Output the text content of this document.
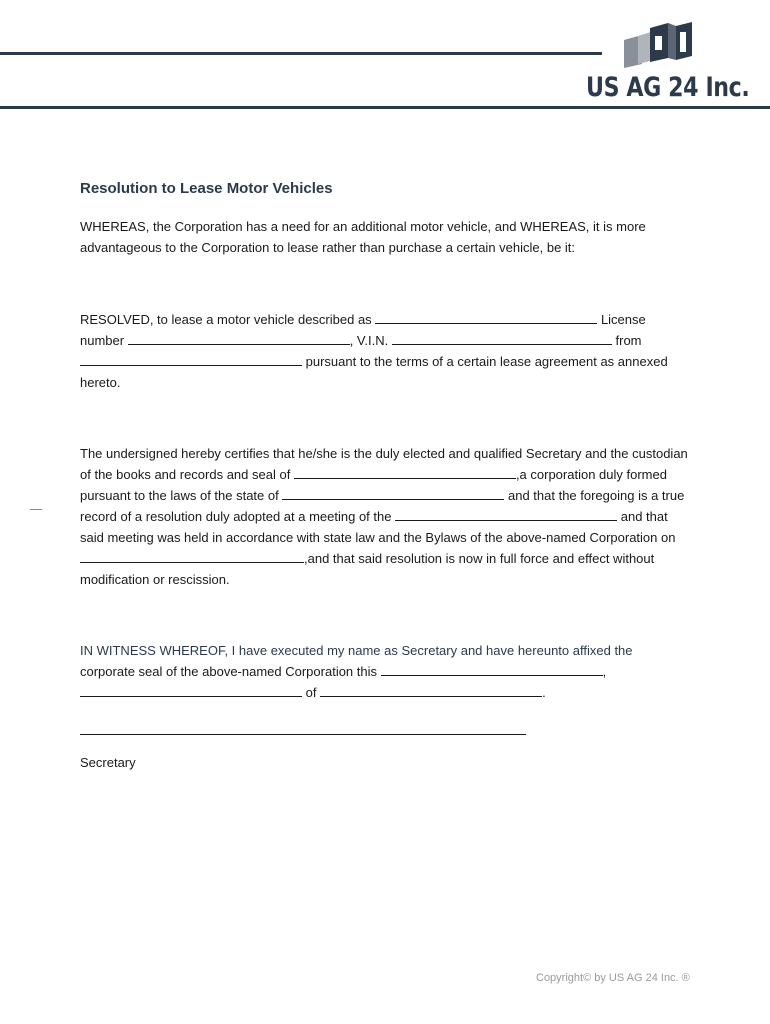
US AG 24 Inc.
Resolution to Lease Motor Vehicles
WHEREAS, the Corporation has a need for an additional motor vehicle, and WHEREAS, it is more
advantageous to the Corporation to lease rather than purchase a certain vehicle, be it:
RESOLVED, to lease a motor vehicle described as	License
number	, V.I.N.	from
pursuant to the terms of a certain lease agreement as annexed
hereto.
The undersigned hereby certifies that he/she is the duly elected and qualified Secretary and the custodian
of the books and records and seal of	,a corporation duly formed
pursuant to the laws of the state of	and that the foregoing is a true
record of a resolution duly adopted at a meeting of the	and that
said meeting was held in accordance with state law and the Bylaws of the above-named Corporation on
,and that said resolution is now in full force and effect without
modification or rescission.
IN WITNESS WHEREOF, I have executed my name as Secretary and have hereunto affixed the
corporate seal of the above-named Corporation this	,
of	.
Secretary
Copyright© by US AG 24 Inc. ®
